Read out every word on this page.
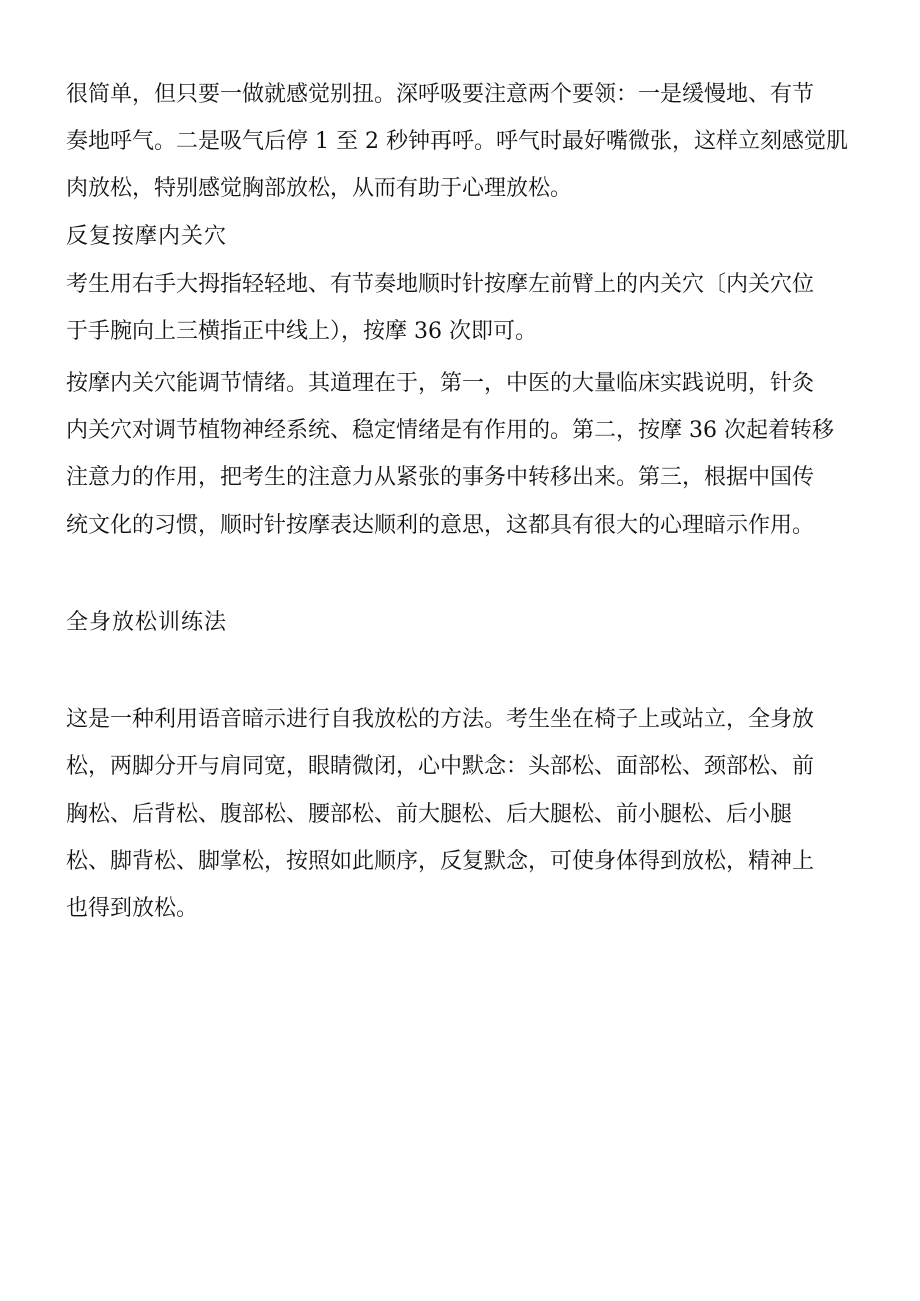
很简单，但只要一做就感觉别扭。深呼吸要注意两个要领：一是缓慢地、有节
奏地呼气。二是吸气后停 1 至 2 秒钟再呼。呼气时最好嘴微张，这样立刻感觉肌
肉放松，特别感觉胸部放松，从而有助于心理放松。
反复按摩内关穴
考生用右手大拇指轻轻地、有节奏地顺时针按摩左前臂上的内关穴〔内关穴位
于手腕向上三横指正中线上），按摩 36 次即可。
按摩内关穴能调节情绪。其道理在于，第一，中医的大量临床实践说明，针灸
内关穴对调节植物神经系统、稳定情绪是有作用的。第二，按摩 36 次起着转移
注意力的作用，把考生的注意力从紧张的事务中转移出来。第三，根据中国传
统文化的习惯，顺时针按摩表达顺利的意思，这都具有很大的心理暗示作用。
全身放松训练法
这是一种利用语音暗示进行自我放松的方法。考生坐在椅子上或站立，全身放
松，两脚分开与肩同宽，眼睛微闭，心中默念：头部松、面部松、颈部松、前
胸松、后背松、腹部松、腰部松、前大腿松、后大腿松、前小腿松、后小腿
松、脚背松、脚掌松，按照如此顺序，反复默念，可使身体得到放松，精神上
也得到放松。
